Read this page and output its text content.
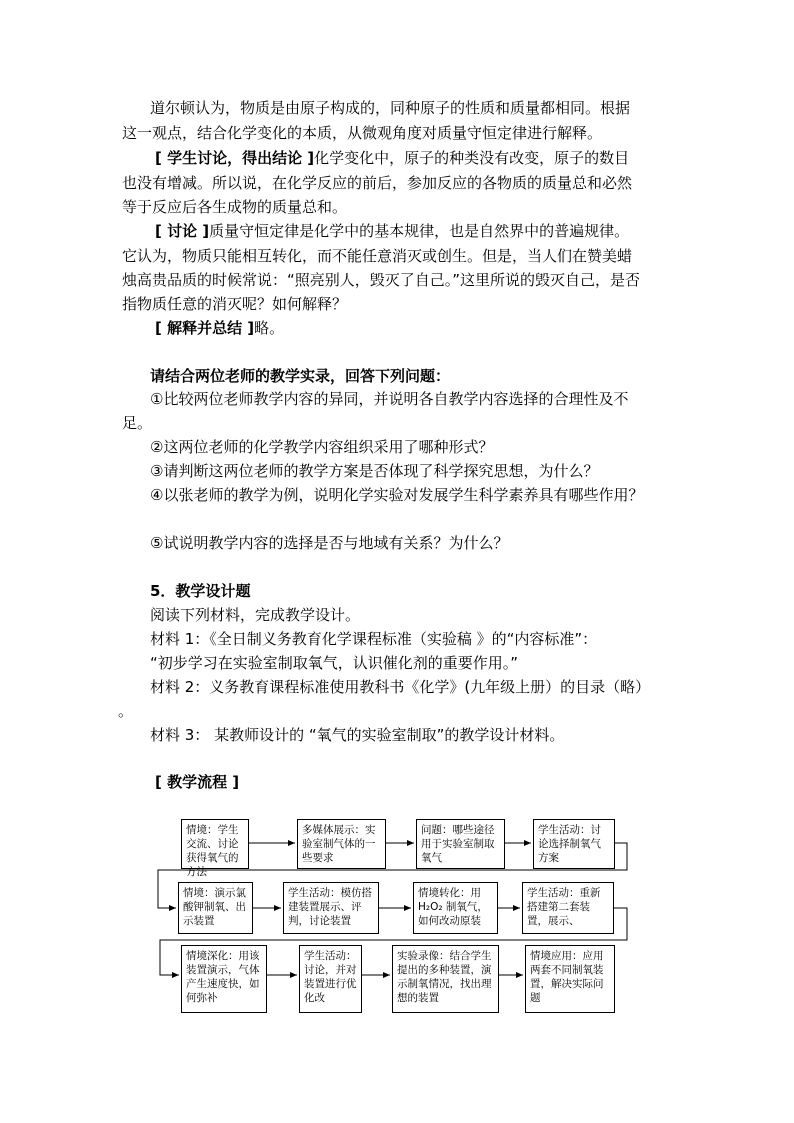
道尔顿认为，物质是由原子构成的，同种原子的性质和质量都相同。根据
这一观点，结合化学变化的本质，从微观角度对质量守恒定律进行解释。
[ 学生讨论，得出结论 ]化学变化中，原子的种类没有改变，原子的数目
也没有增减。所以说，在化学反应的前后，参加反应的各物质的质量总和必然
等于反应后各生成物的质量总和。
[ 讨论 ]质量守恒定律是化学中的基本规律，也是自然界中的普遍规律。
它认为，物质只能相互转化，而不能任意消灭或创生。但是，当人们在赞美蜡
烛高贵品质的时候常说：“照亮别人，毁灭了自己。”这里所说的毁灭自己，是否
指物质任意的消灭呢？如何解释？
[ 解释并总结 ]略。
请结合两位老师的教学实录，回答下列问题：
①比较两位老师教学内容的异同，并说明各自教学内容选择的合理性及不
足。
②这两位老师的化学教学内容组织采用了哪种形式？
③请判断这两位老师的教学方案是否体现了科学探究思想，为什么？
④以张老师的教学为例，说明化学实验对发展学生科学素养具有哪些作用？
⑤试说明教学内容的选择是否与地域有关系？为什么？
5．教学设计题
阅读下列材料，完成教学设计。
材料 1：《全日制义务教育化学课程标准（实验稿 》的“内容标准”：
“初步学习在实验室制取氧气，认识催化剂的重要作用。”
材料 2：义务教育课程标准使用教科书《化学》(九年级上册）的目录（略）
。
材料 3： 某教师设计的 “氧气的实验室制取”的教学设计材料。
[ 教学流程 ]
情境：学生交流、讨论获得氧气的方法
多媒体展示：实验室制气体的一些要求
问题：哪些途径 用于实验室制取氧气
学生活动：讨论选择制氧气方案
情境：演示氯酸钾制氧、出示装置
学生活动：模仿搭建装置展示、评判，讨论装置
情境转化：用H₂O₂ 制氧气，如何改动原装
学生活动：重新搭建第二套装置，展示、
情境深化：用该装置演示，气体产生速度快，如何弥补
学生活动：讨论，并对装置进行优化改
实验录像：结合学生提出的多种装置，演示制氧情况，找出理想的装置
情境应用：应用两套不同制氧装置，解决实际问题
